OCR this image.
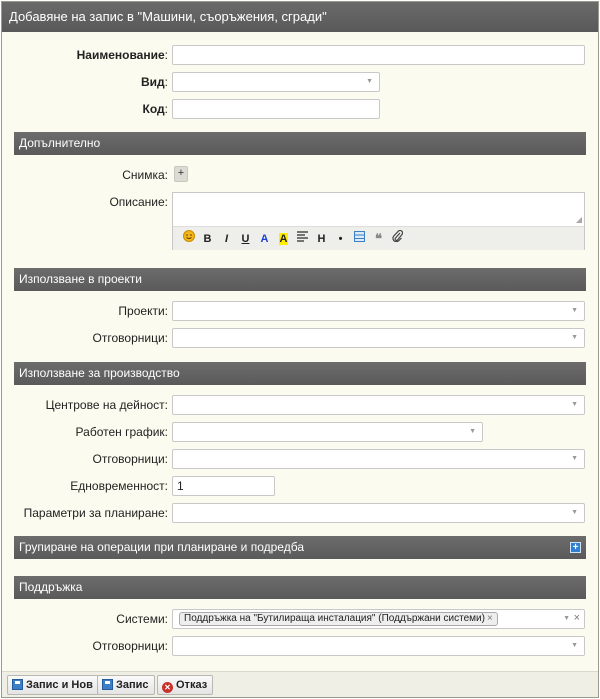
Добавяне на запис в "Машини, съоръжения, сгради"
Наименование:
Вид:	▼
Код:
Допълнително
Снимка: +
Описание:
◢
B	I	U	A	A	H	•	❝
Използване в проекти
Проекти:	▼
Отговорници:	▼
Използване за производство
Центрове на дейност:	▼
Работен график:	▼
Отговорници:	▼
Едновременност: 1
Параметри за планиране:	▼
Групиране на операции при планиране и подредба	+
Поддръжка
Системи:	Поддръжка на "Бутилираща инсталация" (Поддържани системи) ×	▼ ×
Отговорници:	▼
Запис и Нов	Запис	✕ Отказ
